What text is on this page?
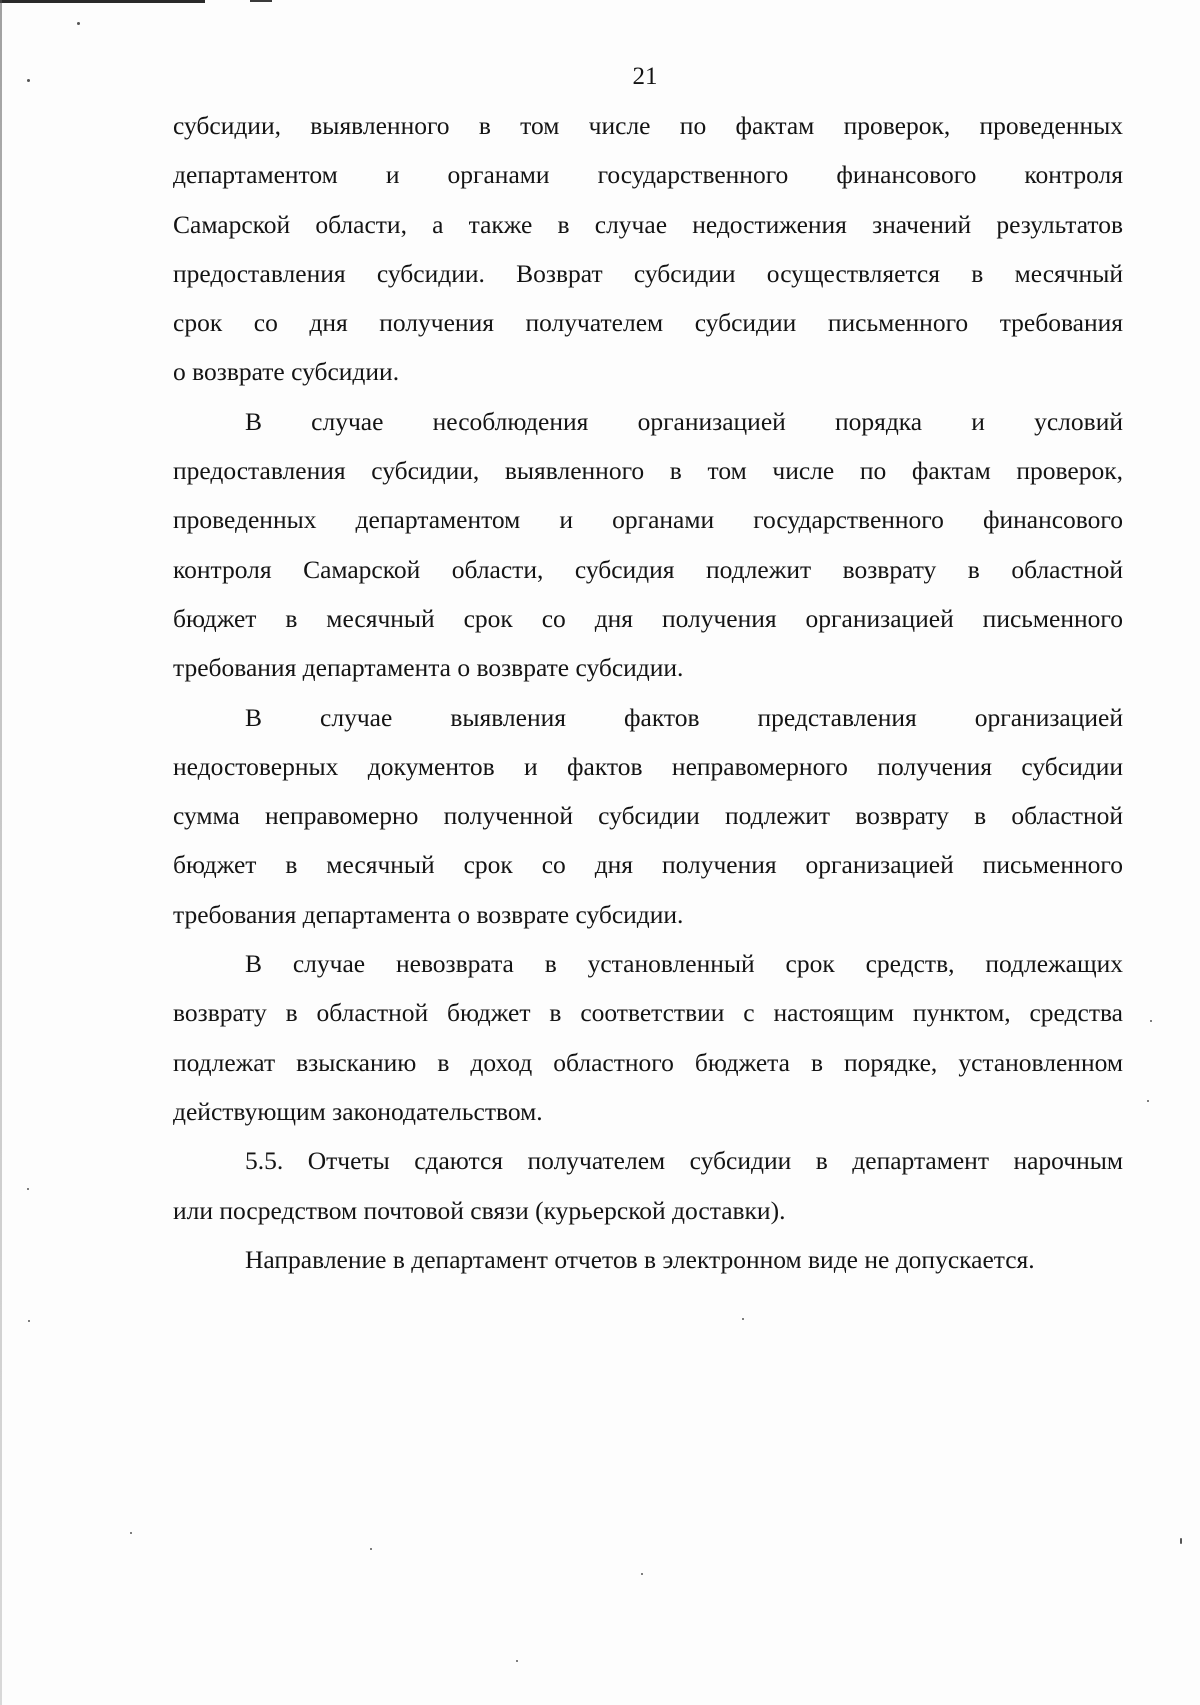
21
субсидии, выявленного в том числе по фактам проверок, проведенных
департаментом и органами государственного финансового контроля
Самарской области, а также в случае недостижения значений результатов
предоставления субсидии. Возврат субсидии осуществляется в месячный
срок со дня получения получателем субсидии письменного требования
о возврате субсидии.
В случае несоблюдения организацией порядка и условий
предоставления субсидии, выявленного в том числе по фактам проверок,
проведенных департаментом и органами государственного финансового
контроля Самарской области, субсидия подлежит возврату в областной
бюджет в месячный срок со дня получения организацией письменного
требования департамента о возврате субсидии.
В случае выявления фактов представления организацией
недостоверных документов и фактов неправомерного получения субсидии
сумма неправомерно полученной субсидии подлежит возврату в областной
бюджет в месячный срок со дня получения организацией письменного
требования департамента о возврате субсидии.
В случае невозврата в установленный срок средств, подлежащих
возврату в областной бюджет в соответствии с настоящим пунктом, средства
подлежат взысканию в доход областного бюджета в порядке, установленном
действующим законодательством.
5.5. Отчеты сдаются получателем субсидии в департамент нарочным
или посредством почтовой связи (курьерской доставки).
Направление в департамент отчетов в электронном виде не допускается.
